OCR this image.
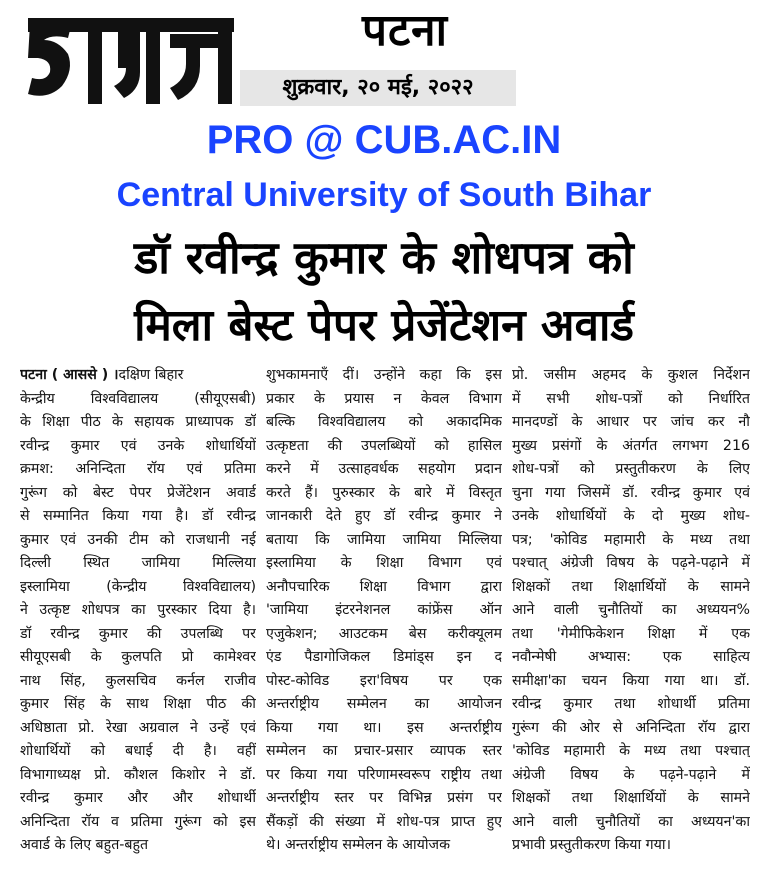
पटना
शुक्रवार, २० मई, २०२२
PRO @ CUB.AC.IN
Central University of South Bihar
डॉ रवीन्द्र कुमार के शोधपत्र को
मिला बेस्ट पेपर प्रेजेंटेशन अवार्ड
पटना ( आससे ) ।दक्षिण बिहार
केन्द्रीय विश्वविद्यालय (सीयूएसबी)
के शिक्षा पीठ के सहायक प्राध्यापक डॉ
रवीन्द्र कुमार एवं उनके शोधार्थियों
क्रमश: अनिन्दिता रॉय एवं प्रतिमा
गुरूंग को बेस्ट पेपर प्रेजेंटेशन अवार्ड
से सम्मानित किया गया है। डॉ रवीन्द्र
कुमार एवं उनकी टीम को राजधानी नई
दिल्ली स्थित जामिया मिल्लिया
इस्लामिया (केन्द्रीय विश्वविद्यालय)
ने उत्कृष्ट शोधपत्र का पुरस्कार दिया है।
डॉ रवीन्द्र कुमार की उपलब्धि पर
सीयूएसबी के कुलपति प्रो कामेश्वर
नाथ सिंह, कुलसचिव कर्नल राजीव
कुमार सिंह के साथ शिक्षा पीठ की
अधिष्ठाता प्रो. रेखा अग्रवाल ने उन्हें एवं
शोधार्थियों को बधाई दी है। वहीं
विभागाध्यक्ष प्रो. कौशल किशोर ने डॉ.
रवीन्द्र कुमार और और शोधार्थी
अनिन्दिता रॉय व प्रतिमा गुरूंग को इस
अवार्ड के लिए बहुत-बहुत
शुभकामनाएँ दीं। उन्होंने कहा कि इस
प्रकार के प्रयास न केवल विभाग
बल्कि विश्वविद्यालय को अकादमिक
उत्कृष्टता की उपलब्धियों को हासिल
करने में उत्साहवर्धक सहयोग प्रदान
करते हैं। पुरुस्कार के बारे में विस्तृत
जानकारी देते हुए डॉ रवीन्द्र कुमार ने
बताया कि जामिया जामिया मिल्लिया
इस्लामिया के शिक्षा विभाग एवं
अनौपचारिक शिक्षा विभाग द्वारा
'जामिया इंटरनेशनल कांफ्रेंस ऑन
एजुकेशन; आउटकम बेस करीक्यूलम
एंड पैडागोजिकल डिमांड्स इन द
पोस्ट-कोविड इरा'विषय पर एक
अन्तर्राष्ट्रीय सम्मेलन का आयोजन
किया गया था। इस अन्तर्राष्ट्रीय
सम्मेलन का प्रचार-प्रसार व्यापक स्तर
पर किया गया परिणामस्वरूप राष्ट्रीय तथा
अन्तर्राष्ट्रीय स्तर पर विभिन्न प्रसंग पर
सैंकड़ों की संख्या में शोध-पत्र प्राप्त हुए
थे। अन्तर्राष्ट्रीय सम्मेलन के आयोजक
प्रो. जसीम अहमद के कुशल निर्देशन
में सभी शोध-पत्रों को निर्धारित
मानदण्डों के आधार पर जांच कर नौ
मुख्य प्रसंगों के अंतर्गत लगभग 216
शोध-पत्रों को प्रस्तुतीकरण के लिए
चुना गया जिसमें डॉ. रवीन्द्र कुमार एवं
उनके शोधार्थियों के दो मुख्य शोध-
पत्र; 'कोविड महामारी के मध्य तथा
पश्चात् अंग्रेजी विषय के पढ़ने-पढ़ाने में
शिक्षकों तथा शिक्षार्थियों के सामने
आने वाली चुनौतियों का अध्ययन%
तथा 'गेमीफिकेशन शिक्षा में एक
नवौन्मेषी अभ्यास: एक साहित्य
समीक्षा'का चयन किया गया था। डॉ.
रवीन्द्र कुमार तथा शोधार्थी प्रतिमा
गुरूंग की ओर से अनिन्दिता रॉय द्वारा
'कोविड महामारी के मध्य तथा पश्चात्
अंग्रेजी विषय के पढ़ने-पढ़ाने में
शिक्षकों तथा शिक्षार्थियों के सामने
आने वाली चुनौतियों का अध्ययन'का
प्रभावी प्रस्तुतीकरण किया गया।
